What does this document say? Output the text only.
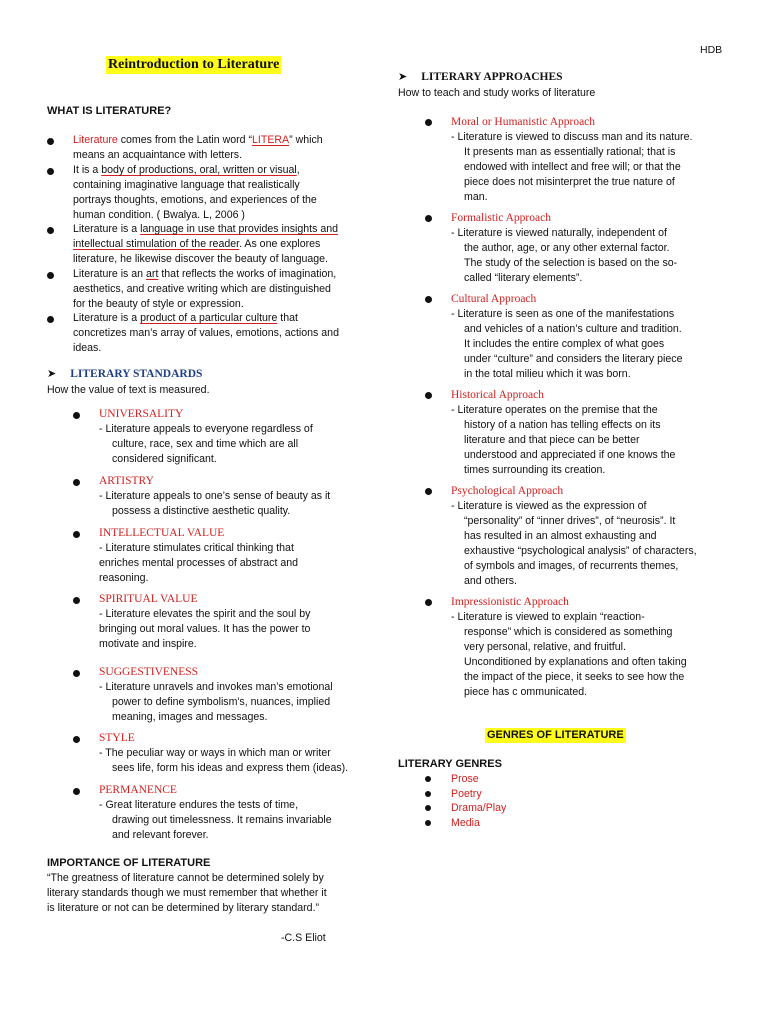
HDB
Reintroduction to Literature
WHAT IS LITERATURE?
Literature comes from the Latin word “LITERA” which
means an acquaintance with letters.
It is a body of productions, oral, written or visual,
containing imaginative language that realistically
portrays thoughts, emotions, and experiences of the
human condition. ( Bwalya. L, 2006 )
Literature is a language in use that provides insights and
intellectual stimulation of the reader. As one explores
literature, he likewise discover the beauty of language.
Literature is an art that reflects the works of imagination,
aesthetics, and creative writing which are distinguished
for the beauty of style or expression.
Literature is a product of a particular culture that
concretizes man’s array of values, emotions, actions and
ideas.
➤ LITERARY STANDARDS
How the value of text is measured.
UNIVERSALITY
- Literature appeals to everyone regardless of
culture, race, sex and time which are all
considered significant.
ARTISTRY
- Literature appeals to one’s sense of beauty as it
possess a distinctive aesthetic quality.
INTELLECTUAL VALUE
- Literature stimulates critical thinking that
enriches mental processes of abstract and
reasoning.
SPIRITUAL VALUE
- Literature elevates the spirit and the soul by
bringing out moral values. It has the power to
motivate and inspire.
SUGGESTIVENESS
- Literature unravels and invokes man’s emotional
power to define symbolism's, nuances, implied
meaning, images and messages.
STYLE
- The peculiar way or ways in which man or writer
sees life, form his ideas and express them (ideas).
PERMANENCE
- Great literature endures the tests of time,
drawing out timelessness. It remains invariable
and relevant forever.
IMPORTANCE OF LITERATURE
“The greatness of literature cannot be determined solely by
literary standards though we must remember that whether it
is literature or not can be determined by literary standard.”
-C.S Eliot
➤ LITERARY APPROACHES
How to teach and study works of literature
Moral or Humanistic Approach
- Literature is viewed to discuss man and its nature.
It presents man as essentially rational; that is
endowed with intellect and free will; or that the
piece does not misinterpret the true nature of
man.
Formalistic Approach
- Literature is viewed naturally, independent of
the author, age, or any other external factor.
The study of the selection is based on the so-
called “literary elements”.
Cultural Approach
- Literature is seen as one of the manifestations
and vehicles of a nation’s culture and tradition.
It includes the entire complex of what goes
under “culture” and considers the literary piece
in the total milieu which it was born.
Historical Approach
- Literature operates on the premise that the
history of a nation has telling effects on its
literature and that piece can be better
understood and appreciated if one knows the
times surrounding its creation.
Psychological Approach
- Literature is viewed as the expression of
“personality” of “inner drives”, of “neurosis”. It
has resulted in an almost exhausting and
exhaustive “psychological analysis” of characters,
of symbols and images, of recurrents themes,
and others.
Impressionistic Approach
- Literature is viewed to explain “reaction-
response” which is considered as something
very personal, relative, and fruitful.
Unconditioned by explanations and often taking
the impact of the piece, it seeks to see how the
piece has c ommunicated.
GENRES OF LITERATURE
LITERARY GENRES
Prose
Poetry
Drama/Play
Media
